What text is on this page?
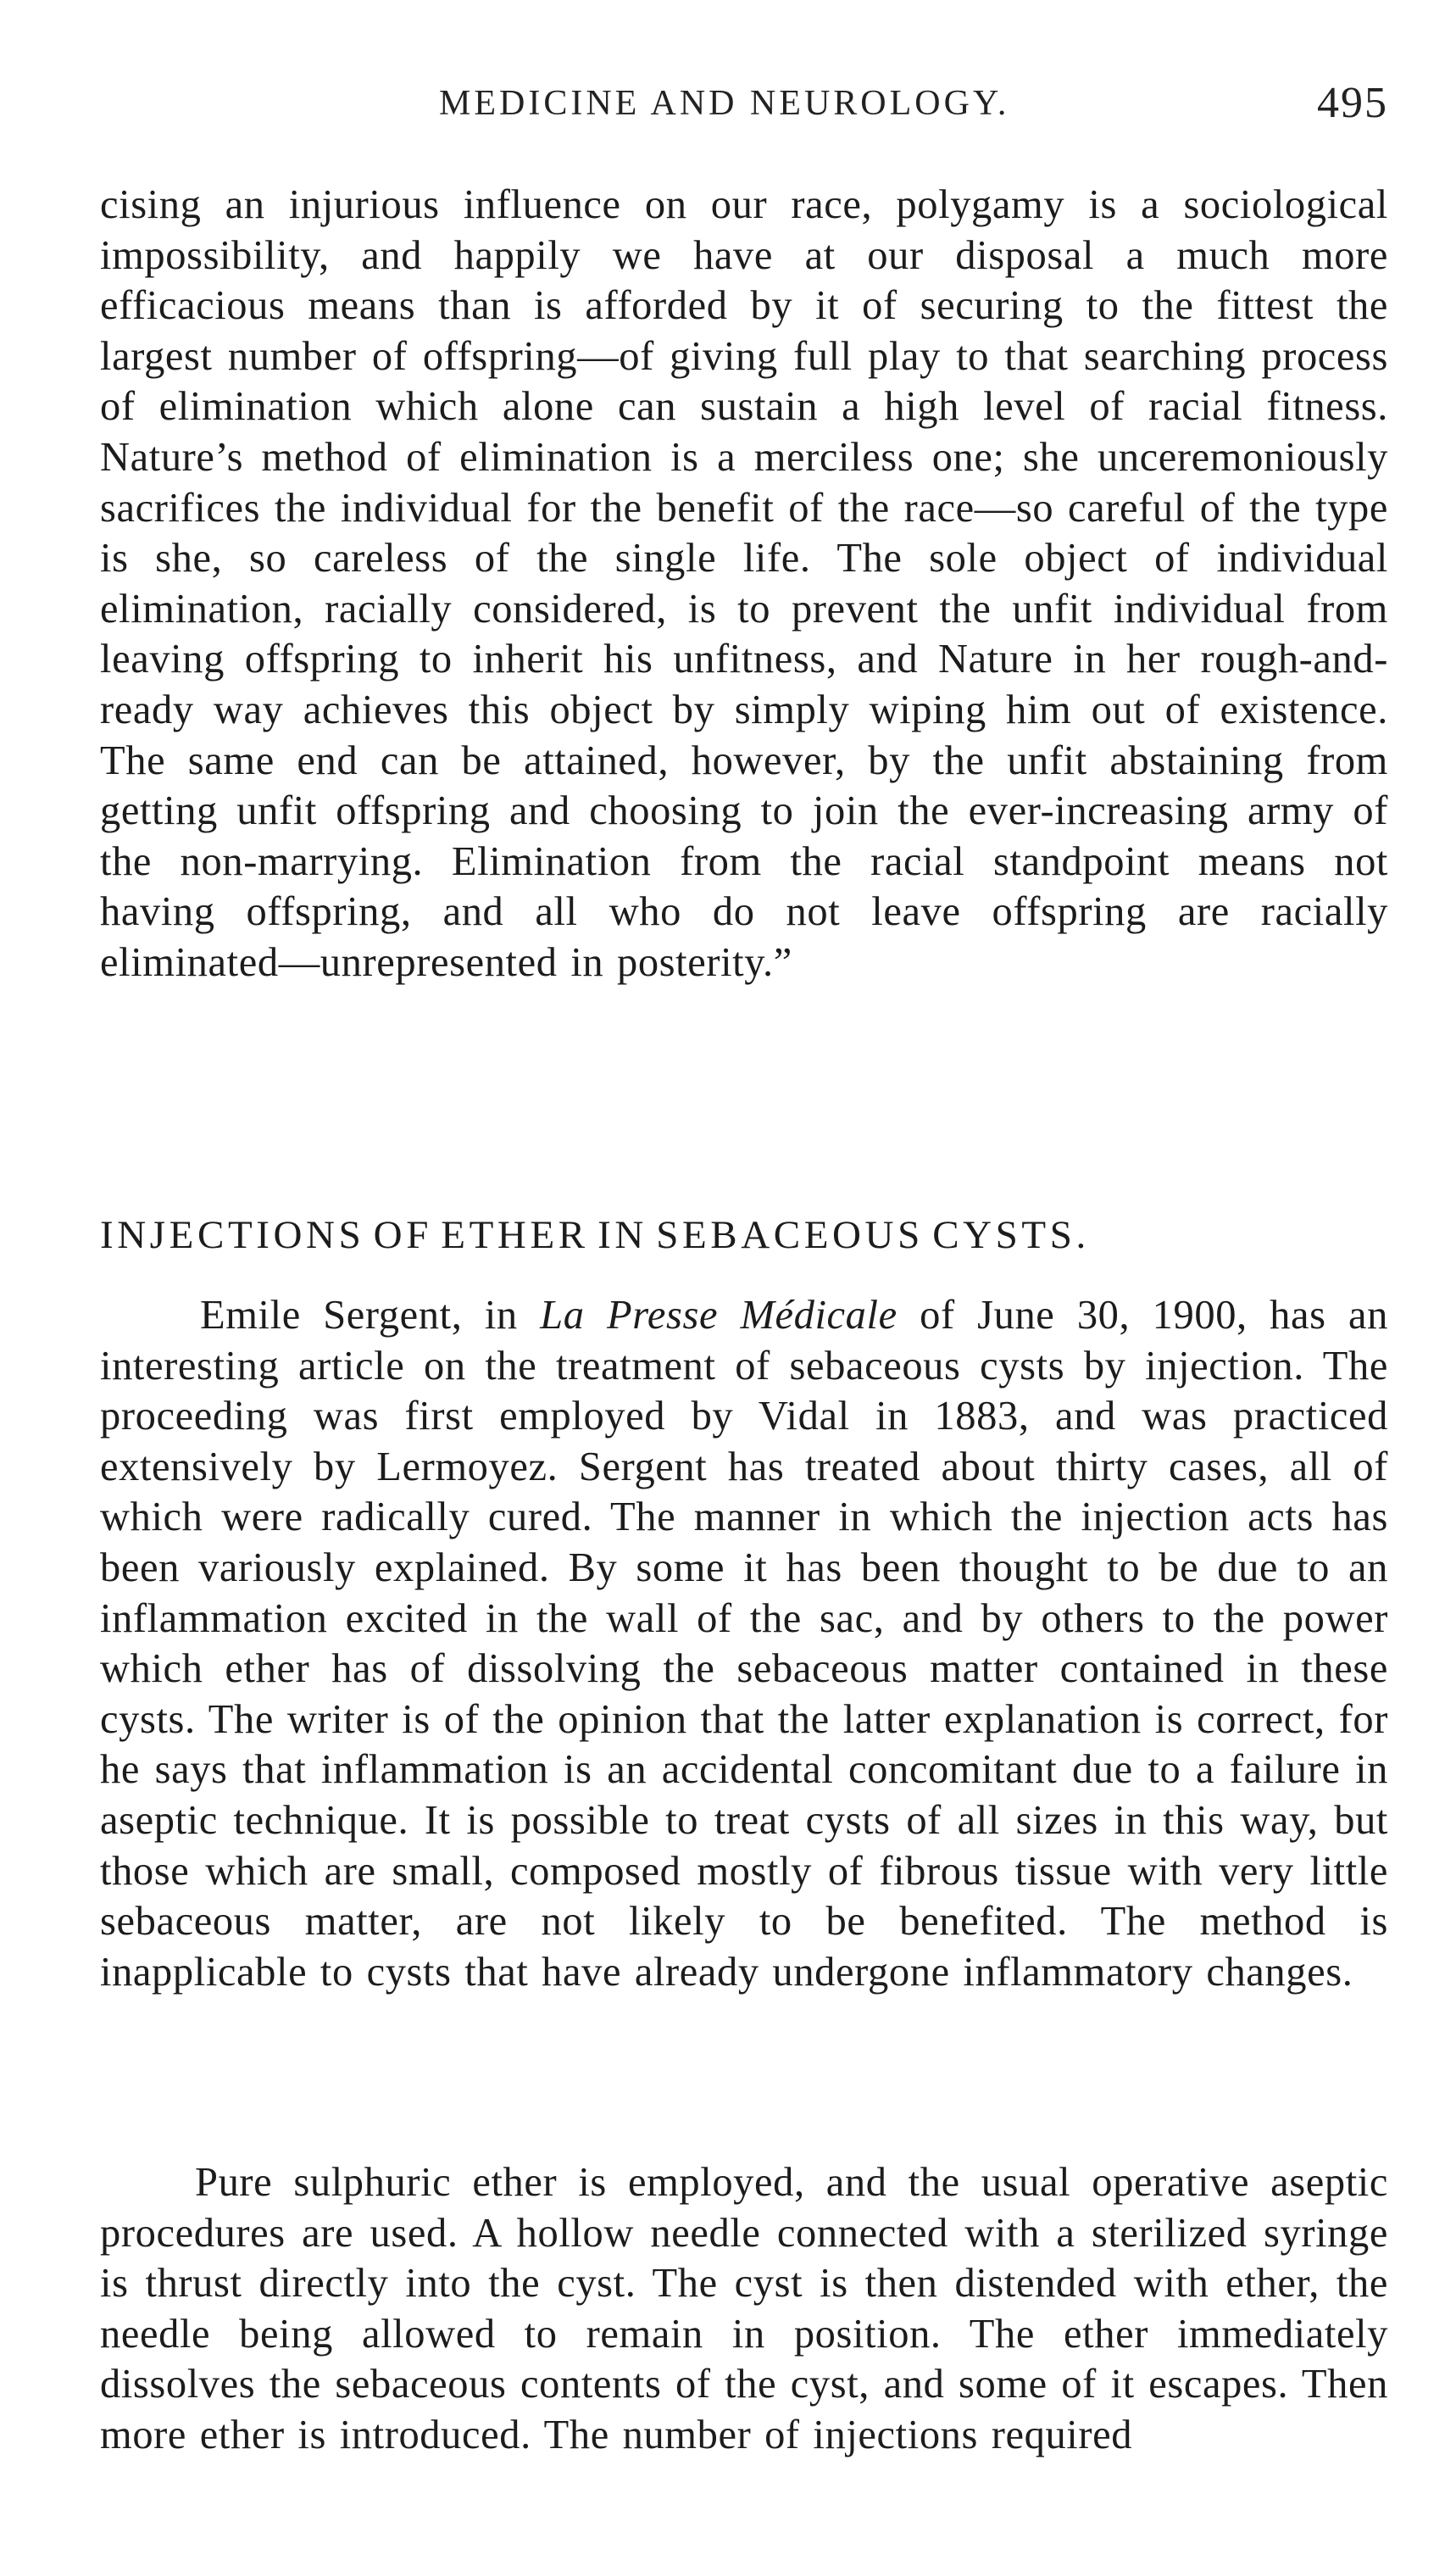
MEDICINE AND NEUROLOGY.	495

cising an injurious influence on our race, polygamy is a sociological impossibility, and happily we have at our disposal a much more efficacious means than is afforded by it of securing to the fittest the largest number of offspring—of giving full play to that searching process of elimination which alone can sustain a high level of racial fitness. Nature’s method of elimination is a merciless one; she unceremoniously sacrifices the individual for the benefit of the race—so careful of the type is she, so careless of the single life. The sole object of individual elimination, racially considered, is to prevent the unfit individual from leaving offspring to inherit his unfitness, and Nature in her rough-and-ready way achieves this object by simply wiping him out of existence. The same end can be attained, however, by the unfit abstaining from getting unfit offspring and choosing to join the ever-increasing army of the non-marrying. Elimination from the racial standpoint means not having offspring, and all who do not leave offspring are racially eliminated—unrepresented in posterity.”

INJECTIONS OF ETHER IN SEBACEOUS CYSTS.

Emile Sergent, in La Presse Médicale of June 30, 1900, has an interesting article on the treatment of sebaceous cysts by injection. The proceeding was first employed by Vidal in 1883, and was practiced extensively by Lermoyez. Sergent has treated about thirty cases, all of which were radically cured. The manner in which the injection acts has been variously explained. By some it has been thought to be due to an inflammation excited in the wall of the sac, and by others to the power which ether has of dissolving the sebaceous matter contained in these cysts. The writer is of the opinion that the latter explanation is correct, for he says that inflammation is an accidental concomitant due to a failure in aseptic technique. It is possible to treat cysts of all sizes in this way, but those which are small, composed mostly of fibrous tissue with very little sebaceous matter, are not likely to be benefited. The method is inapplicable to cysts that have already undergone inflammatory changes.

Pure sulphuric ether is employed, and the usual operative aseptic procedures are used. A hollow needle connected with a sterilized syringe is thrust directly into the cyst. The cyst is then distended with ether, the needle being allowed to remain in position. The ether immediately dissolves the sebaceous contents of the cyst, and some of it escapes. Then more ether is introduced. The number of injections required
